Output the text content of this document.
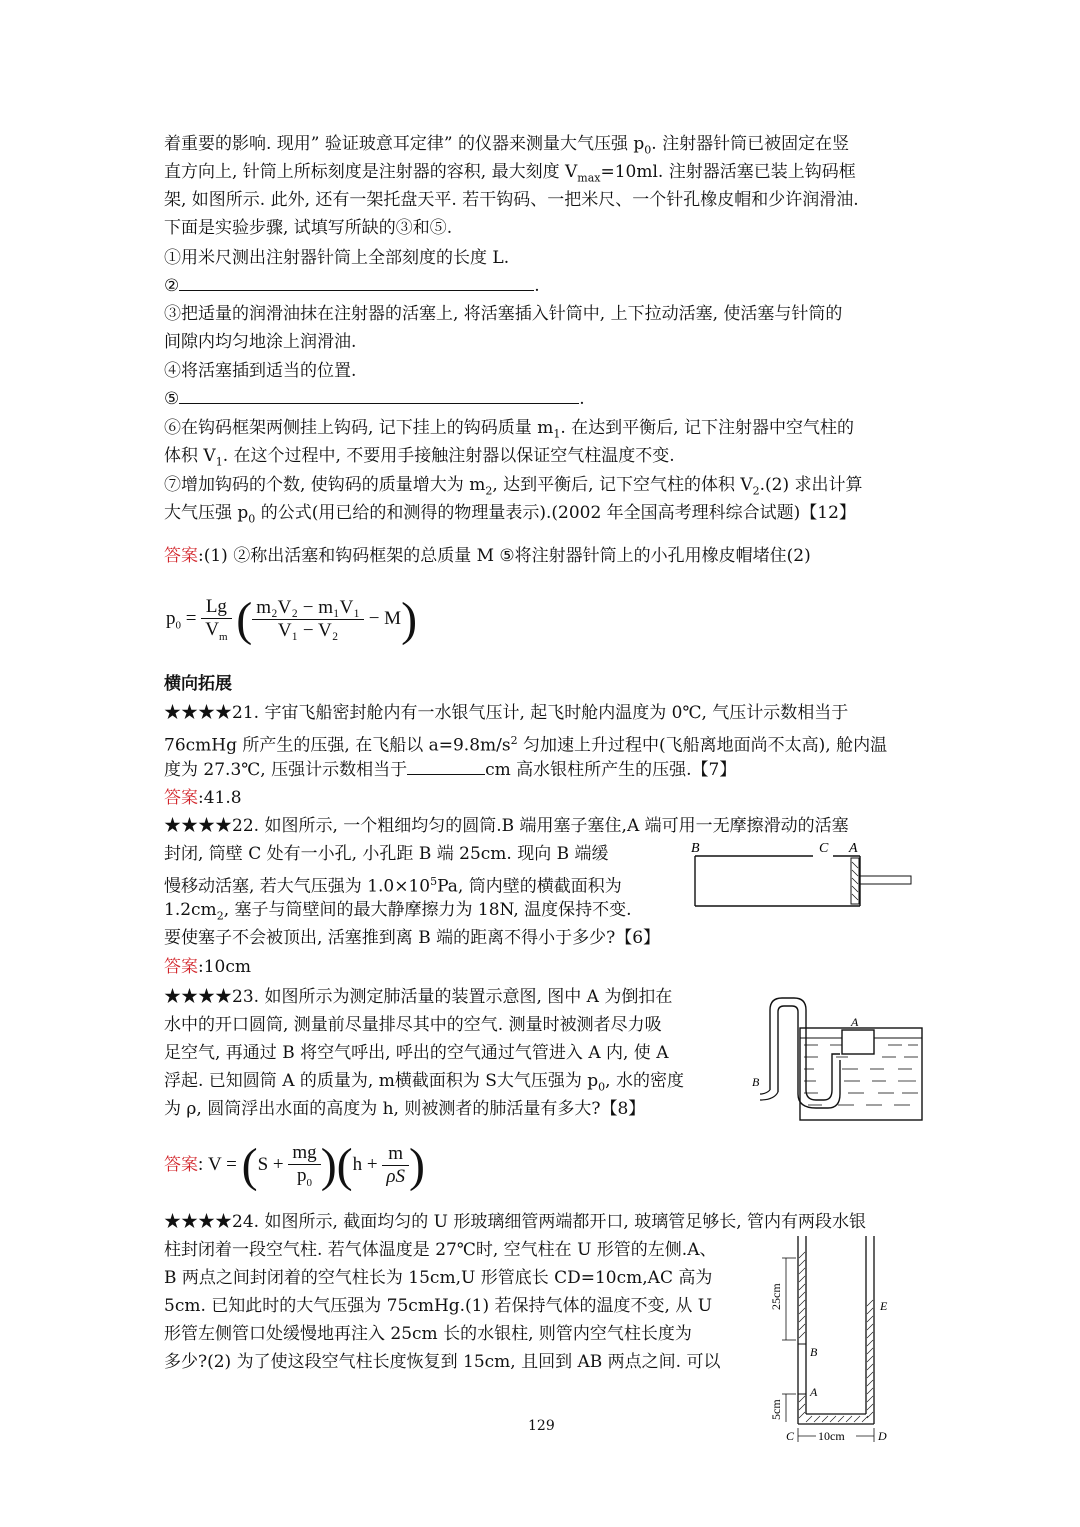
着重要的影响. 现用” 验证玻意耳定律” 的仪器来测量大气压强 $p_0$. 注射器针筒已被固定在竖
直方向上, 针筒上所标刻度是注射器的容积, 最大刻度 $V_{max}=10ml$. 注射器活塞已装上钩码框
架, 如图所示. 此外, 还有一架托盘天平. 若干钩码、一把米尺、一个针孔橡皮帽和少许润滑油.
下面是实验步骤, 试填写所缺的③和⑤.
①用米尺测出注射器针筒上全部刻度的长度 L.
②	.
③把适量的润滑油抹在注射器的活塞上, 将活塞插入针筒中, 上下拉动活塞, 使活塞与针筒的
间隙内均匀地涂上润滑油.
④将活塞插到适当的位置.
⑤	.
⑥在钩码框架两侧挂上钩码, 记下挂上的钩码质量 $m_1$. 在达到平衡后, 记下注射器中空气柱的
体积 $V_1$. 在这个过程中, 不要用手接触注射器以保证空气柱温度不变.
⑦增加钩码的个数, 使钩码的质量增大为 $m_2$, 达到平衡后, 记下空气柱的体积 $V_2.(2)$ 求出计算
大气压强 $p_0$ 的公式(用已给的和测得的物理量表示).(2002 年全国高考理科综合试题)【12】
答案:(1) ②称出活塞和钩码框架的总质量 M ⑤将注射器针筒上的小孔用橡皮帽堵住(2)
$p_0 = \frac{Lg}{V_m}$ ( $\frac{\text{m₂V₂ − m₁V₁}}{\text{V₁ − V₂}} - M$)
横向拓展
★★★★21. 宇宙飞船密封舱内有一水银气压计, 起飞时舱内温度为 0℃, 气压计示数相当于
76cmHg 所产生的压强, 在飞船以 $a=9.8m/s^2$ 匀加速上升过程中(飞船离地面尚不太高), 舱内温
度为 27.3℃, 压强计示数相当于	cm 高水银柱所产生的压强.【7】
答案:41.8
★★★★22. 如图所示, 一个粗细均匀的圆筒.B 端用塞子塞住,A 端可用一无摩擦滑动的活塞
封闭, 筒壁 C 处有一小孔, 小孔距 B 端 25cm. 现向 B 端缓
慢移动活塞, 若大气压强为 $1.0\times 10^5Pa$, 筒内壁的横截面积为
$1.2cm_2$, 塞子与筒壁间的最大静摩擦力为 18N, 温度保持不变.
要使塞子不会被顶出, 活塞推到离 B 端的距离不得小于多少?【6】
答案:10cm
B	C A
★★★★23. 如图所示为测定肺活量的装置示意图, 图中 A 为倒扣在
水中的开口圆筒, 测量前尽量排尽其中的空气. 测量时被测者尽力吸
足空气, 再通过 B 将空气呼出, 呼出的空气通过气管进入 A 内, 使 A
浮起. 已知圆筒 A 的质量为, m横截面积为 S大气压强为 $p_0$, 水的密度
为 ρ, 圆筒浮出水面的高度为 h, 则被测者的肺活量有多大?【8】
答案: $V = (S + \frac{mg}{p_0} )(h + \frac{m}{\rho S}$ )
A
B
★★★★24. 如图所示, 截面均匀的 U 形玻璃细管两端都开口, 玻璃管足够长, 管内有两段水银
柱封闭着一段空气柱. 若气体温度是 27℃时, 空气柱在 U 形管的左侧.A、
B 两点之间封闭着的空气柱长为 15cm,U 形管底长 CD=10cm,AC 高为
5cm. 已知此时的大气压强为 75cmHg.(1) 若保持气体的温度不变, 从 U
形管左侧管口处缓慢地再注入 25cm 长的水银柱, 则管内空气柱长度为
多少?(2) 为了使这段空气柱长度恢复到 15cm, 且回到 AB 两点之间. 可以	B
A
E
25cm
5cm
10cm
C	D
129
